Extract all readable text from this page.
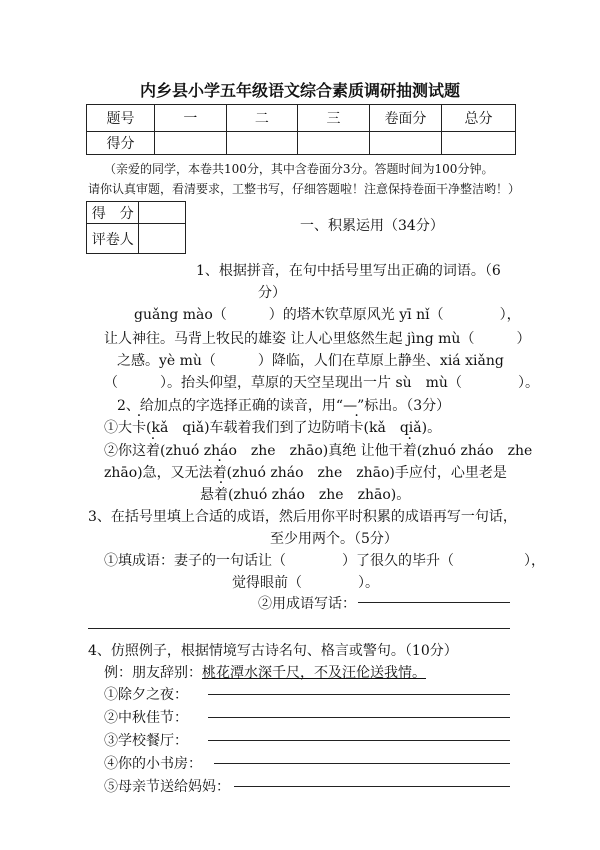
内乡县小学五年级语文综合素质调研抽测试题
题号	一	二	三	卷面分	总分
得分					
（亲爱的同学，本卷共100分，其中含卷面分3分。答题时间为100分钟。
请你认真审题，看清要求，工整书写，仔细答题啦！注意保持卷面干净整洁哟！）
得　分	
评卷人	
一、积累运用（34分）
1、根据拼音，在句中括号里写出正确的词语。（6
分）
guǎng mào（　　　）的塔木钦草原风光 yī nǐ（　　　　），
让人神往。马背上牧民的雄姿 让人心里悠然生起 jìng mù（　　　）
之感。yè mù（　　　）降临，人们在草原上静坐、xiá xiǎng
（　　　）。抬头仰望，草原的天空呈现出一片 sù　mù（　　　　）。
2、给加点的字选择正确的读音，用“—”标出。（3分）
①大卡(kǎ　qiǎ)车载着我们到了边防哨卡(kǎ　qiǎ)。
②你这着(zhuó zháo　zhe　zhāo)真绝 让他干着(zhuó zháo　zhe
zhāo)急，又无法着(zhuó zháo　zhe　zhāo)手应付，心里老是
悬着(zhuó zháo　zhe　zhāo)。
3、在括号里填上合适的成语，然后用你平时积累的成语再写一句话，
至少用两个。（5分）
①填成语：妻子的一句话让（　　　　）了很久的毕升（　　　　　），
觉得眼前（　　　　）。
②用成语写话：
4、仿照例子，根据情境写古诗名句、格言或警句。（10分）
例：朋友辞别：桃花潭水深千尺，不及汪伦送我情。
①除夕之夜：
②中秋佳节：
③学校餐厅：
④你的小书房：
⑤母亲节送给妈妈：
